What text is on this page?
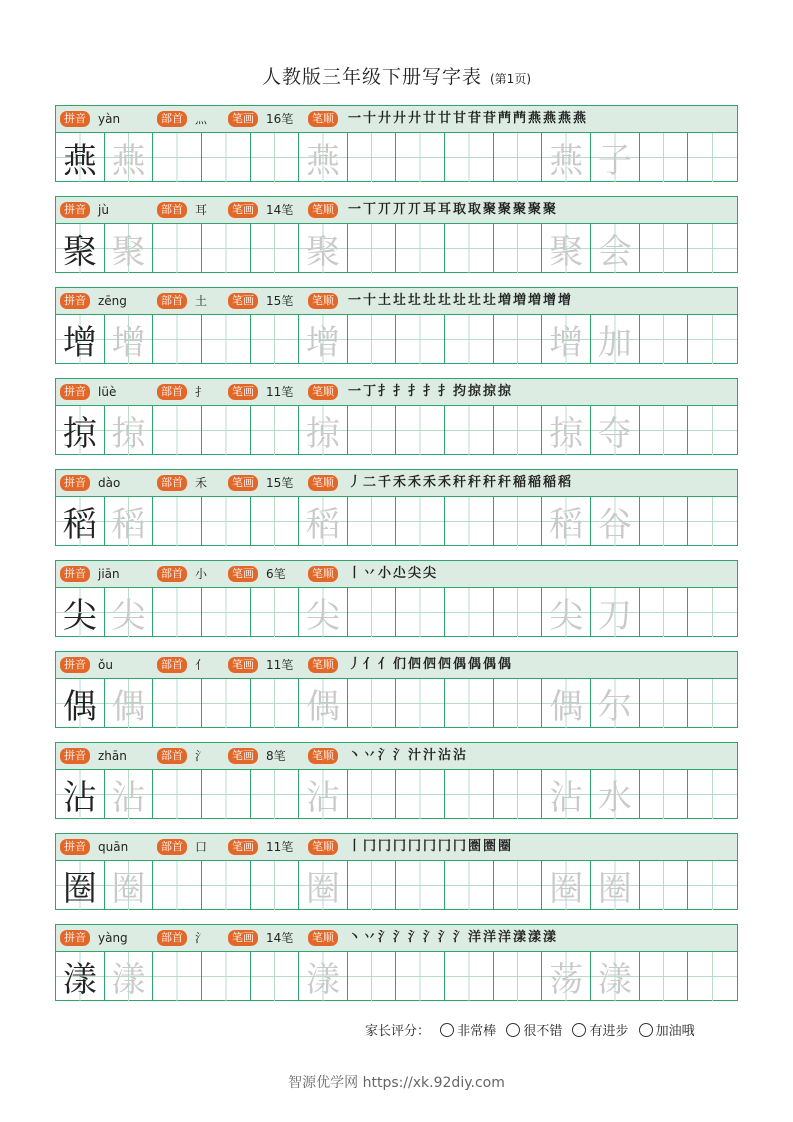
人教版三年级下册写字表 (第1页)
拼音	yàn	部首	灬	笔画	16笔	笔顺	一十廾廾廾廿廿甘苷苷菛菛燕燕燕燕
燕 燕	燕	燕 子
拼音	jù	部首	耳	笔画	14笔	笔顺	一丅丌丌丌耳耳取取聚聚聚聚聚
聚 聚	聚	聚 会
拼音	zēng	部首	土	笔画	15笔	笔顺	一十土圵圵圵圵圵圵圵増増増增增
增 增	增	增 加
拼音	lüè	部首	扌	笔画	11笔	笔顺	一丁扌扌扌扌扌抣掠掠掠
掠 掠	掠	掠 夺
拼音	dào	部首	禾	笔画	15笔	笔顺	丿二千禾禾禾禾秆秆秆秆稲稲稲稻
稻 稻	稻	稻 谷
拼音	jiān	部首	小	笔画	6笔	笔顺	丨丷小尐尖尖
尖 尖	尖	尖 刀
拼音	ǒu	部首	亻	笔画	11笔	笔顺	丿亻亻们伵伵伵偶偶偶偶
偶 偶	偶	偶 尔
拼音	zhān	部首	氵	笔画	8笔	笔顺	丶丷氵氵汁汁沾沾
沾 沾	沾	沾 水
拼音	quān	部首	口	笔画	11笔	笔顺	丨冂冂冂冂冂冂冂圏圏圈
圈 圈	圈	圈 圈
拼音	yàng	部首	氵	笔画	14笔	笔顺	丶丷氵氵氵氵氵氵洋洋洋漾漾漾
漾 漾	漾	荡 漾
家长评分： 非常棒 很不错 有进步 加油哦
智源优学网 https://xk.92diy.com
